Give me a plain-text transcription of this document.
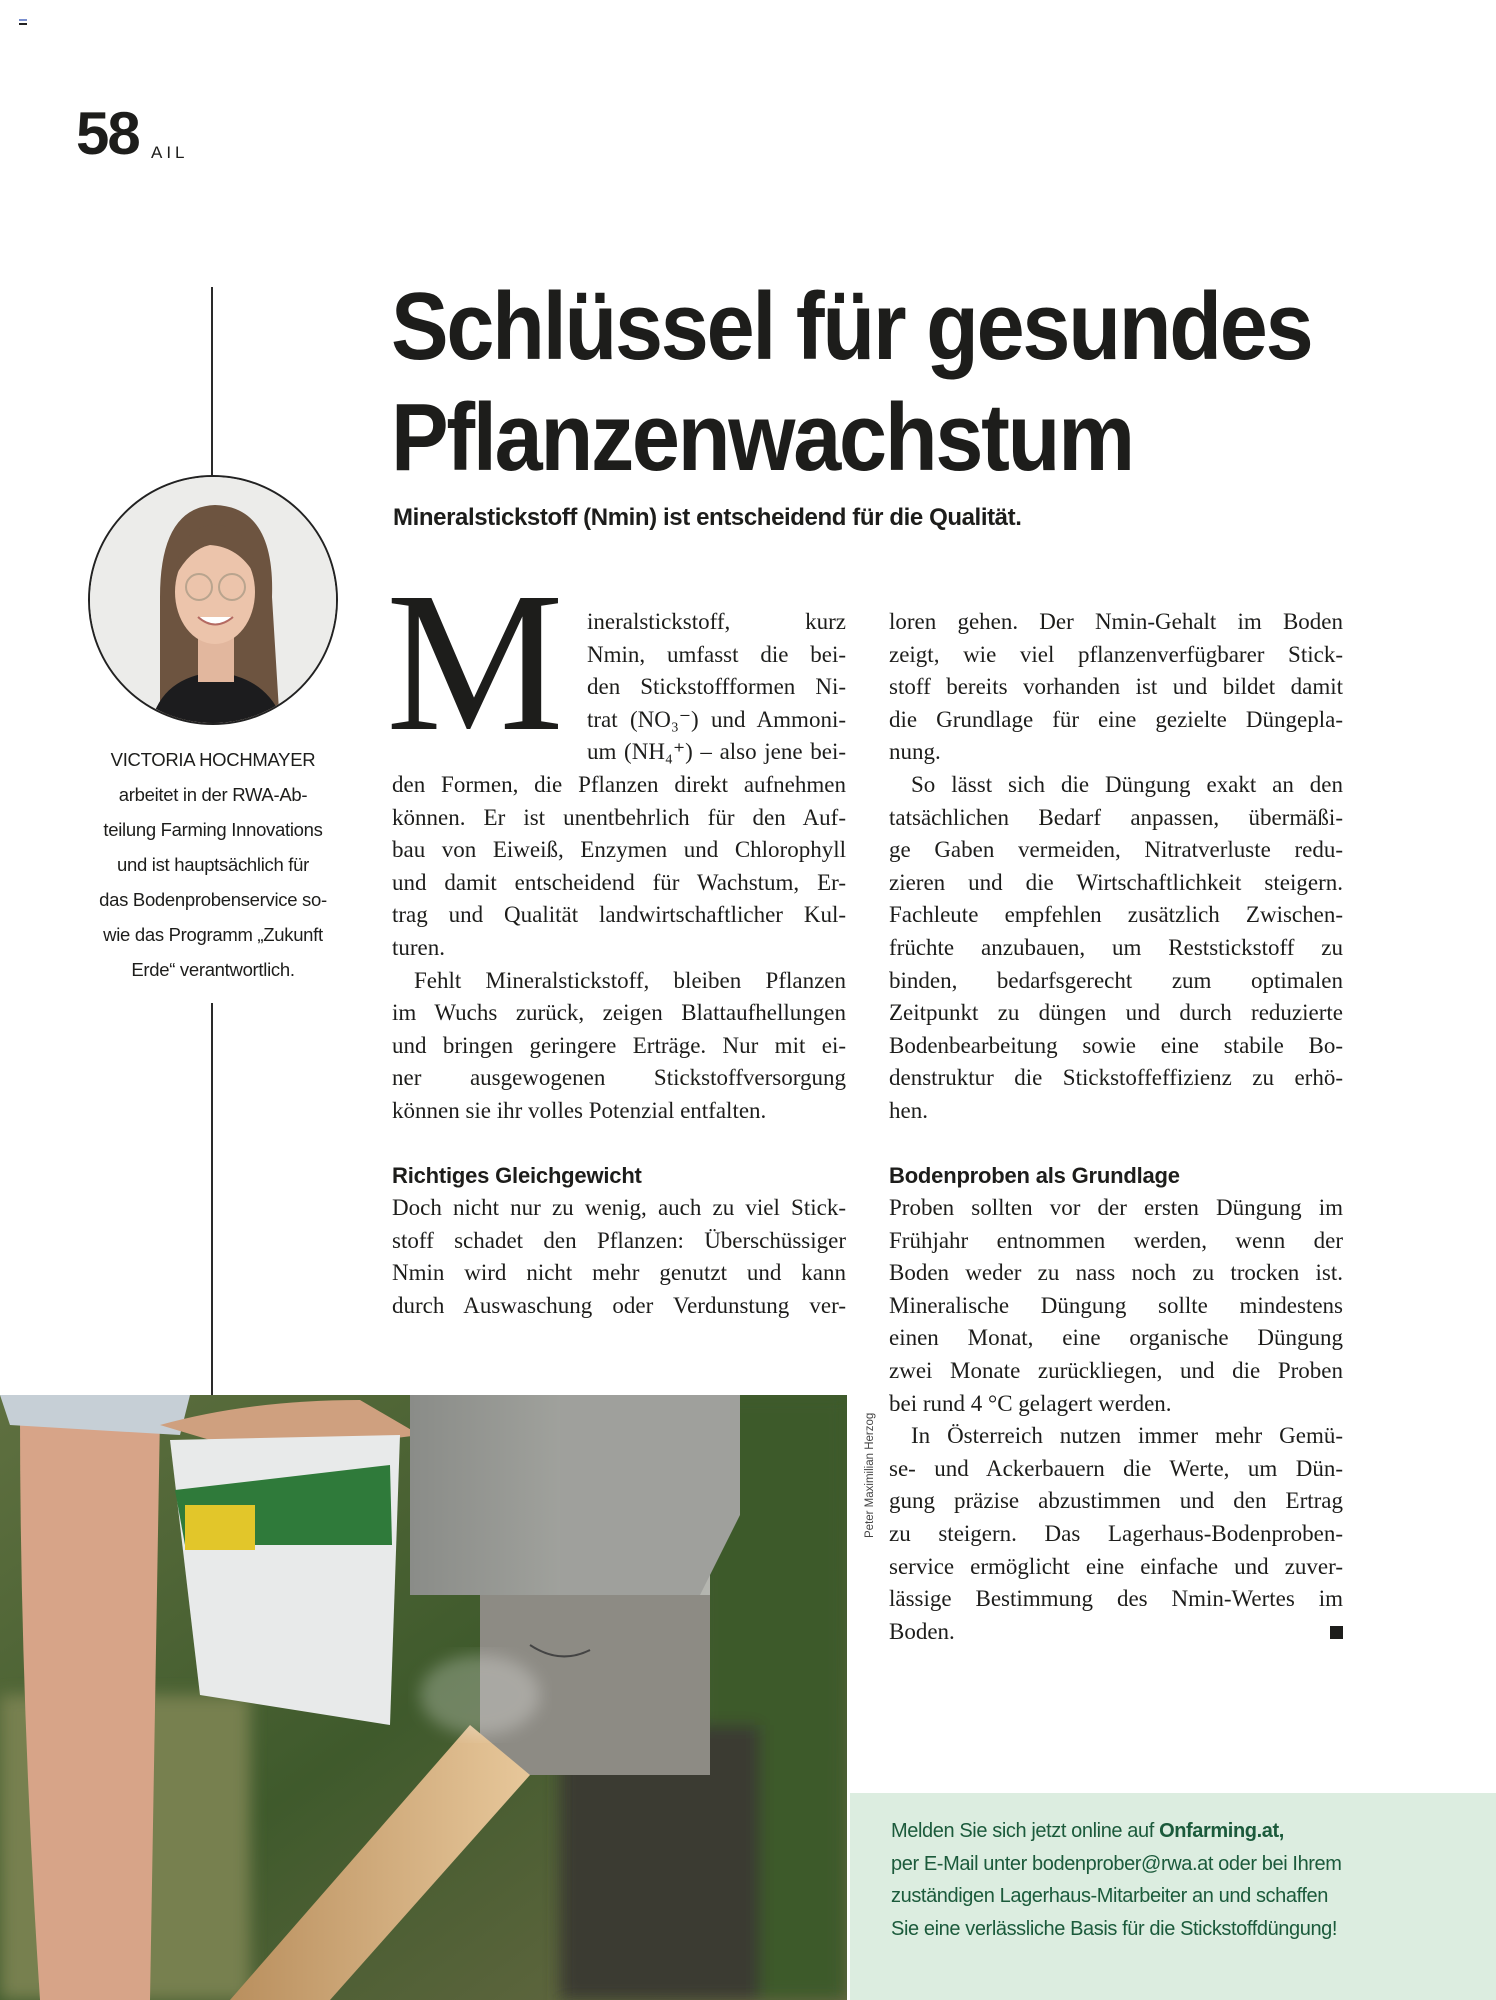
58 AIL
VICTORIA HOCHMAYER
arbeitet in der RWA-Ab-
teilung Farming Innovations
und ist hauptsächlich für
das Bodenprobenservice so-
wie das Programm „Zukunft
Erde“ verantwortlich.
Schlüssel für gesundes
Pflanzenwachstum
Mineralstickstoff (Nmin) ist entscheidend für die Qualität.
M ineralstickstoff, kurz
Nmin, umfasst die bei-
den Stickstoffformen Ni-
trat (NO₃⁻) und Ammoni-
um (NH₄⁺) – also jene bei-
den Formen, die Pflanzen direkt aufnehmen
können. Er ist unentbehrlich für den Auf-
bau von Eiweiß, Enzymen und Chlorophyll
und damit entscheidend für Wachstum, Er-
trag und Qualität landwirtschaftlicher Kul-
turen.
Fehlt Mineralstickstoff, bleiben Pflanzen
im Wuchs zurück, zeigen Blattaufhellungen
und bringen geringere Erträge. Nur mit ei-
ner ausgewogenen Stickstoffversorgung
können sie ihr volles Potenzial entfalten.
Richtiges Gleichgewicht
Doch nicht nur zu wenig, auch zu viel Stick-
stoff schadet den Pflanzen: Überschüssiger
Nmin wird nicht mehr genutzt und kann
durch Auswaschung oder Verdunstung ver-
loren gehen. Der Nmin-Gehalt im Boden
zeigt, wie viel pflanzenverfügbarer Stick-
stoff bereits vorhanden ist und bildet damit
die Grundlage für eine gezielte Düngepla-
nung.
So lässt sich die Düngung exakt an den
tatsächlichen Bedarf anpassen, übermäßi-
ge Gaben vermeiden, Nitratverluste redu-
zieren und die Wirtschaftlichkeit steigern.
Fachleute empfehlen zusätzlich Zwischen-
früchte anzubauen, um Reststickstoff zu
binden, bedarfsgerecht zum optimalen
Zeitpunkt zu düngen und durch reduzierte
Bodenbearbeitung sowie eine stabile Bo-
denstruktur die Stickstoffeffizienz zu erhö-
hen.
Bodenproben als Grundlage
Proben sollten vor der ersten Düngung im
Frühjahr entnommen werden, wenn der
Boden weder zu nass noch zu trocken ist.
Mineralische Düngung sollte mindestens
einen Monat, eine organische Düngung
zwei Monate zurückliegen, und die Proben
bei rund 4 °C gelagert werden.
In Österreich nutzen immer mehr Gemü-
se- und Ackerbauern die Werte, um Dün-
gung präzise abzustimmen und den Ertrag
zu steigern. Das Lagerhaus-Bodenproben-
service ermöglicht eine einfache und zuver-
lässige Bestimmung des Nmin-Wertes im
Boden.
Peter Maximilian Herzog
Melden Sie sich jetzt online auf Onfarming.at,
per E-Mail unter bodenprober@rwa.at oder bei Ihrem
zuständigen Lagerhaus-Mitarbeiter an und schaffen
Sie eine verlässliche Basis für die Stickstoffdüngung!
